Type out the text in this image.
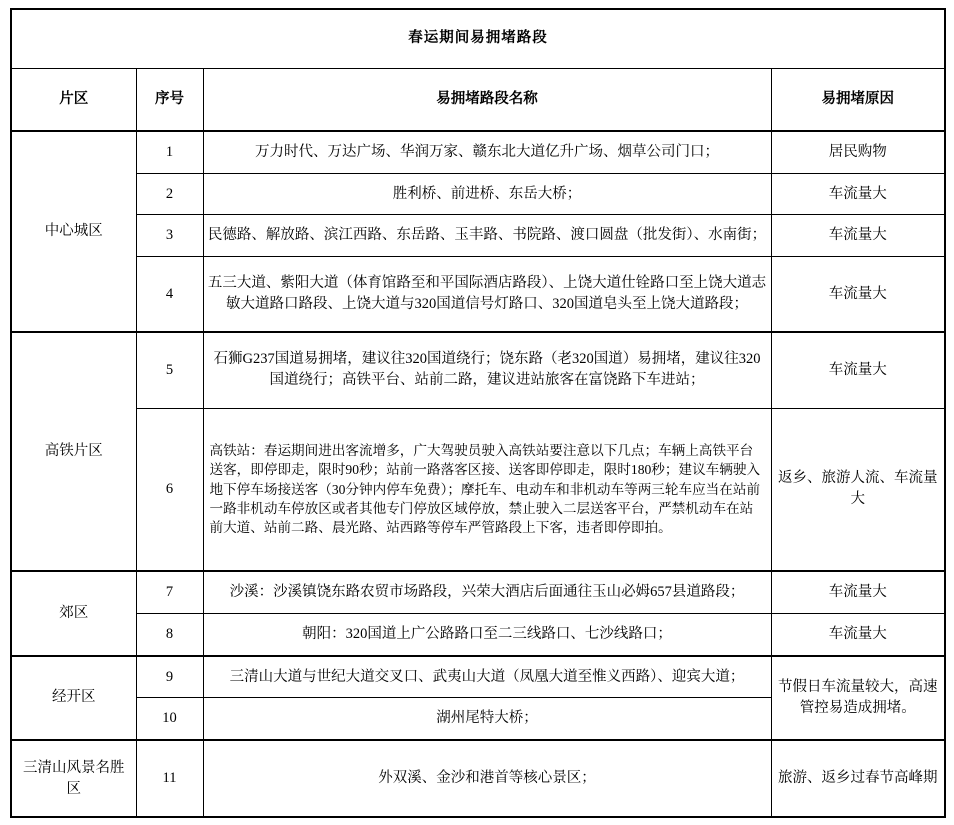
春运期间易拥堵路段			
片区	序号	易拥堵路段名称	易拥堵原因
中心城区	1	万力时代、万达广场、华润万家、赣东北大道亿升广场、烟草公司门口；	居民购物
	2	胜利桥、前进桥、东岳大桥；	车流量大
	3	民德路、解放路、滨江西路、东岳路、玉丰路、书院路、渡口圆盘（批发街）、水南街；	车流量大
	4	五三大道、紫阳大道（体育馆路至和平国际酒店路段）、上饶大道仕铨路口至上饶大道志敏大道路口路段、上饶大道与320国道信号灯路口、320国道皂头至上饶大道路段；	车流量大
高铁片区	5	石狮G237国道易拥堵，建议往320国道绕行；饶东路（老320国道）易拥堵，建议往320国道绕行；高铁平台、站前二路，建议进站旅客在富饶路下车进站；	车流量大
	6	高铁站：春运期间进出客流增多，广大驾驶员驶入高铁站要注意以下几点；车辆上高铁平台送客，即停即走，限时90秒；站前一路落客区接、送客即停即走，限时180秒；建议车辆驶入地下停车场接送客（30分钟内停车免费）；摩托车、电动车和非机动车等两三轮车应当在站前一路非机动车停放区或者其他专门停放区域停放，禁止驶入二层送客平台，严禁机动车在站前大道、站前二路、晨光路、站西路等停车严管路段上下客，违者即停即拍。	返乡、旅游人流、车流量大
郊区	7	沙溪：沙溪镇饶东路农贸市场路段，兴荣大酒店后面通往玉山必姆657县道路段；	车流量大
	8	朝阳：320国道上广公路路口至二三线路口、七沙线路口；	车流量大
经开区	9	三清山大道与世纪大道交叉口、武夷山大道（凤凰大道至惟义西路）、迎宾大道；	节假日车流量较大，高速管控易造成拥堵。
	10	湖州尾特大桥；	
三清山风景名胜区	11	外双溪、金沙和港首等核心景区；	旅游、返乡过春节高峰期
